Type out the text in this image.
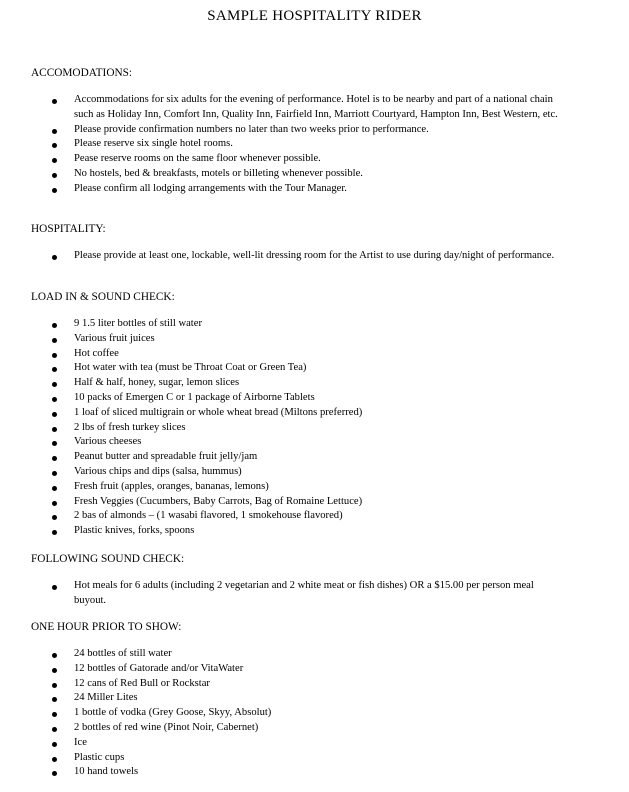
SAMPLE HOSPITALITY RIDER
ACCOMODATIONS:
Accommodations for six adults for the evening of performance. Hotel is to be nearby and part of a national chain such as Holiday Inn, Comfort Inn, Quality Inn, Fairfield Inn, Marriott Courtyard, Hampton Inn, Best Western, etc.
Please provide confirmation numbers no later than two weeks prior to performance.
Please reserve six single hotel rooms.
Pease reserve rooms on the same floor whenever possible.
No hostels, bed & breakfasts, motels or billeting whenever possible.
Please confirm all lodging arrangements with the Tour Manager.
HOSPITALITY:
Please provide at least one, lockable, well-lit dressing room for the Artist to use during day/night of performance.
LOAD IN & SOUND CHECK:
9 1.5 liter bottles of still water
Various fruit juices
Hot coffee
Hot water with tea (must be Throat Coat or Green Tea)
Half & half, honey, sugar, lemon slices
10 packs of Emergen C or 1 package of Airborne Tablets
1 loaf of sliced multigrain or whole wheat bread (Miltons preferred)
2 lbs of fresh turkey slices
Various cheeses
Peanut butter and spreadable fruit jelly/jam
Various chips and dips (salsa, hummus)
Fresh fruit (apples, oranges, bananas, lemons)
Fresh Veggies (Cucumbers, Baby Carrots, Bag of Romaine Lettuce)
2 bas of almonds – (1 wasabi flavored, 1 smokehouse flavored)
Plastic knives, forks, spoons
FOLLOWING SOUND CHECK:
Hot meals for 6 adults (including 2 vegetarian and 2 white meat or fish dishes) OR a $15.00 per person meal buyout.
ONE HOUR PRIOR TO SHOW:
24 bottles of still water
12 bottles of Gatorade and/or VitaWater
12 cans of Red Bull or Rockstar
24 Miller Lites
1 bottle of vodka (Grey Goose, Skyy, Absolut)
2 bottles of red wine (Pinot Noir, Cabernet)
Ice
Plastic cups
10 hand towels
